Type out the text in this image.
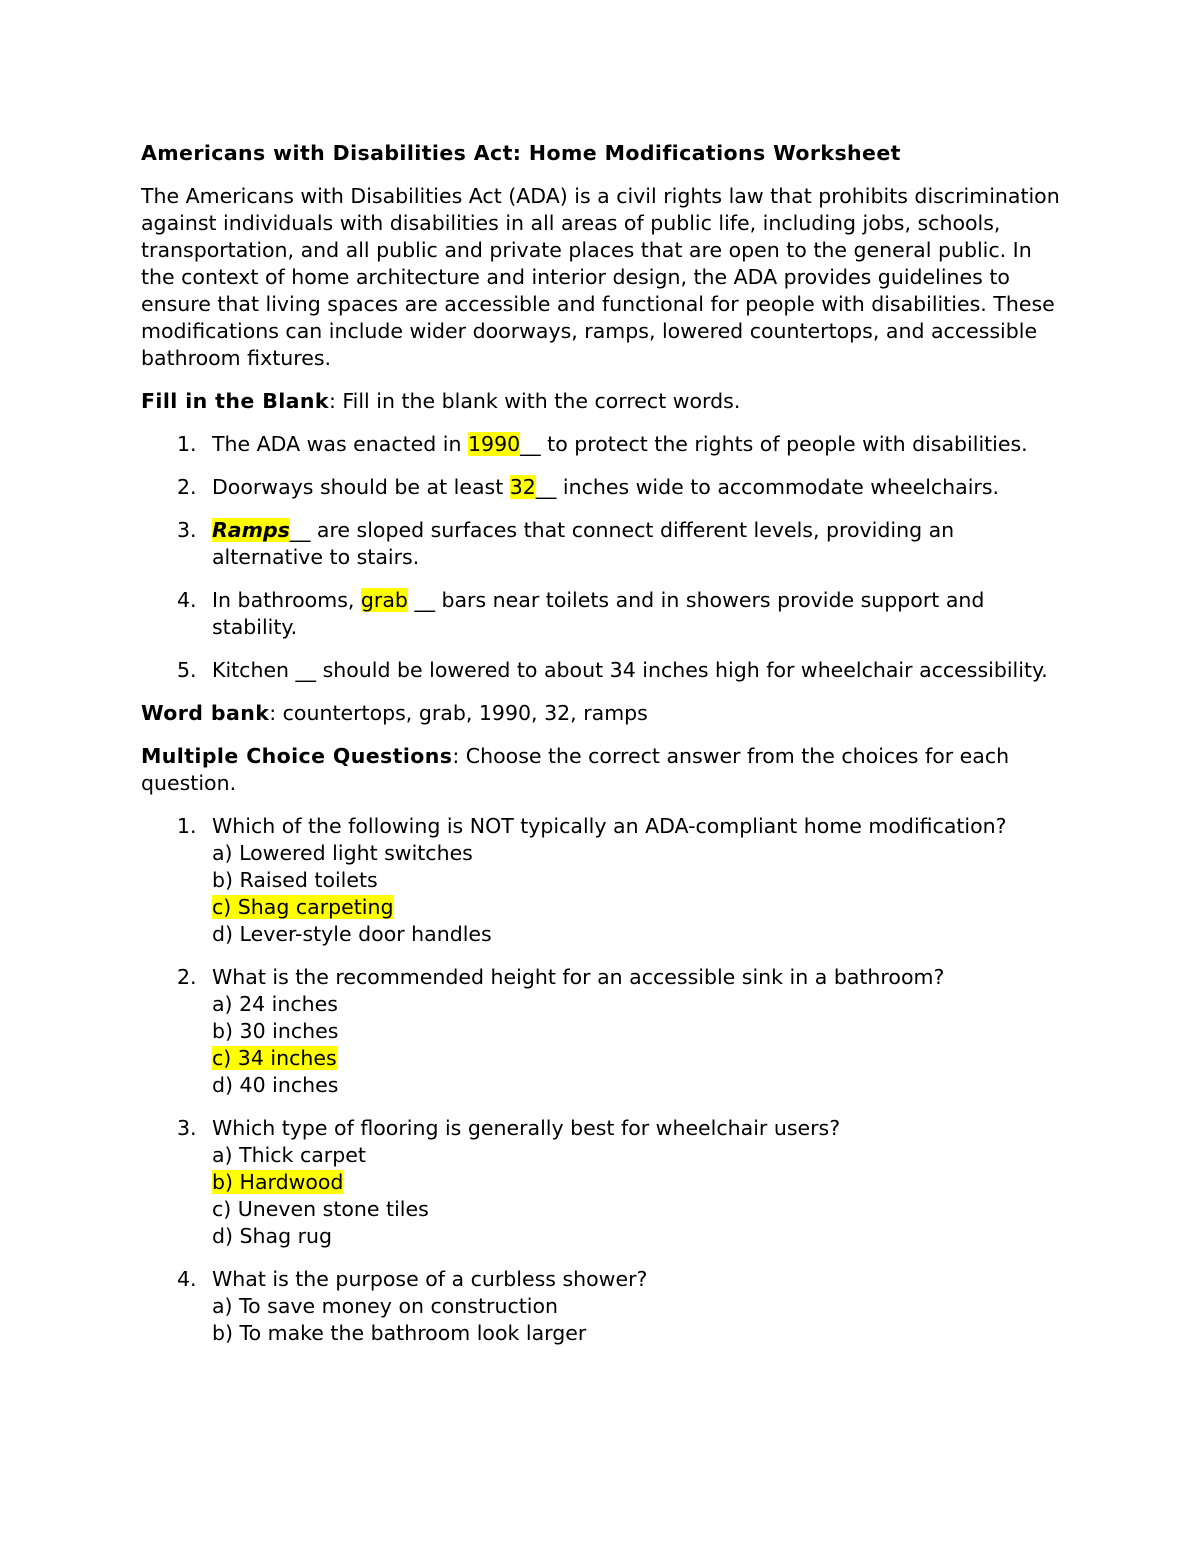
Americans with Disabilities Act: Home Modifications Worksheet
The Americans with Disabilities Act (ADA) is a civil rights law that prohibits discrimination against individuals with disabilities in all areas of public life, including jobs, schools, transportation, and all public and private places that are open to the general public. In the context of home architecture and interior design, the ADA provides guidelines to ensure that living spaces are accessible and functional for people with disabilities. These modifications can include wider doorways, ramps, lowered countertops, and accessible bathroom fixtures.
Fill in the Blank: Fill in the blank with the correct words.
1. The ADA was enacted in 1990__ to protect the rights of people with disabilities.
2. Doorways should be at least 32__ inches wide to accommodate wheelchairs.
3. Ramps__ are sloped surfaces that connect different levels, providing an alternative to stairs.
4. In bathrooms, grab __ bars near toilets and in showers provide support and stability.
5. Kitchen __ should be lowered to about 34 inches high for wheelchair accessibility.
Word bank: countertops, grab, 1990, 32, ramps
Multiple Choice Questions: Choose the correct answer from the choices for each question.
1. Which of the following is NOT typically an ADA-compliant home modification?
a) Lowered light switches
b) Raised toilets
c) Shag carpeting
d) Lever-style door handles
2. What is the recommended height for an accessible sink in a bathroom?
a) 24 inches
b) 30 inches
c) 34 inches
d) 40 inches
3. Which type of flooring is generally best for wheelchair users?
a) Thick carpet
b) Hardwood
c) Uneven stone tiles
d) Shag rug
4. What is the purpose of a curbless shower?
a) To save money on construction
b) To make the bathroom look larger
